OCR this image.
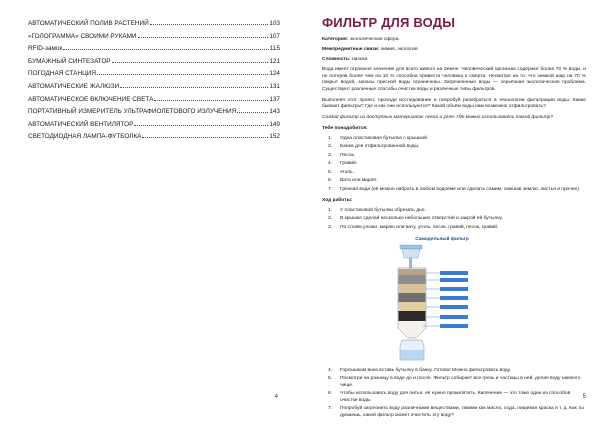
АВТОМАТИЧЕСКИЙ ПОЛИВ РАСТЕНИЙ	103
«ГОЛОГРАММА» СВОИМИ РУКАМИ	107
RFID-замок	115
БУМАЖНЫЙ СИНТЕЗАТОР	121
ПОГОДНАЯ СТАНЦИЯ	124
АВТОМАТИЧЕСКИЕ ЖАЛЮЗИ	131
АВТОМАТИЧЕСКОЕ ВКЛЮЧЕНИЕ СВЕТА	137
ПОРТАТИВНЫЙ ИЗМЕРИТЕЛЬ УЛЬТРАФИОЛЕТОВОГО ИЗЛУЧЕНИЯ	143
АВТОМАТИЧЕСКИЙ ВЕНТИЛЯТОР	149
СВЕТОДИОДНАЯ ЛАМПА-ФУТБОЛКА	152
4
ФИЛЬТР ДЛЯ ВОДЫ
Категория: экологическая сфера.
Межпредметные связи: химия, экология.
Сложность: низкая.

Вода имеет огромное значение для всего живого на Земле. Человеческий организм содержит более 70 % воды, и не потеряв более чем на 10 % способна привести человека к смерти. Несмотря на то, что земной шар на 70 % покрыт водой, запасы пресной воды ограничены. Загрязненные воды — серьёзная экологическая проблема. Существуют различные способы очистки воды и различные типы фильтров.

Выполняя этот проект, проходи исследование и попробуй разобраться в технологии фильтрации воды. Какие бывают фильтры? Где и как они используются? Какой объём воды нам возможно отфильтровать?

Создай фильтр из доступных материалов: песка и угля. Где можно использовать такой фильтр?

Тебе понадобится:
1.	Одна пластиковая бутылка с крышкой.
2.	Банка для отфильтрованной воды.
3.	Песок.
4.	Гравий.
5.	Уголь.
6.	Вата или марля.
7.	Грязная вода (её можно набрать в любом водоёме или сделать самим, смешав землю, листья и прочее).
Ход работы:
1.	У пластиковой бутылки обрезать дно.
2.	В крышке сделай несколько небольших отверстий и закрой ей бутылку.
3.	По слоям уложи: марлю или вату, уголь, песок, гравий, песок, гравий.
Самодельный фильтр
4.	Горлышком вниз вставь бутылку в банку. Готово! Можно фильтровать воду.
5.	Посмотри на разницу в воде до и после. Фильтр собирает все грязь и частицы в ней, делая воду намного чище.
6.	Чтобы использовать воду для питья, её нужно прокипятить. Кипячение — это тоже один из способов очистки воды.
7.	Попробуй загрязнить воду различными веществами, такими как масло, сода, пищевая краска и т. д. Как ты думаешь, какой фильтр может очистить эту воду?
5
